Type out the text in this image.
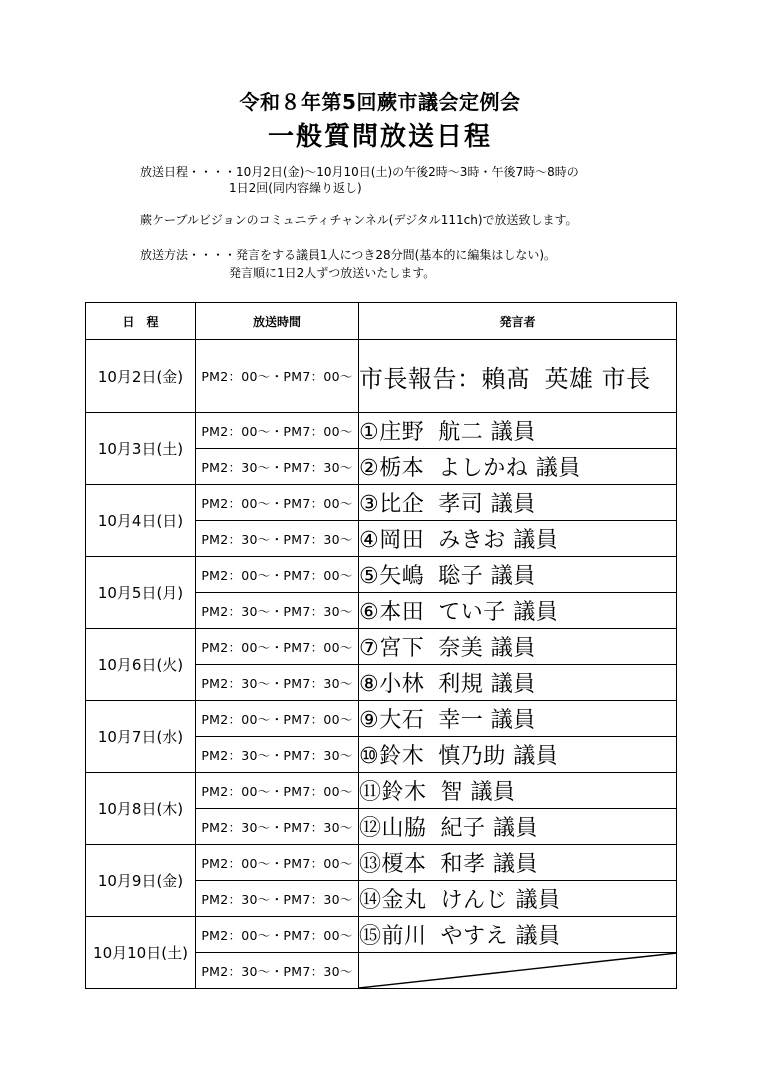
令和８年第5回蕨市議会定例会
一般質問放送日程
放送日程・・・・10月2日(金)～10月10日(土)の午後2時～3時・午後7時～8時の
1日2回(同内容繰り返し)
蕨ケーブルビジョンのコミュニティチャンネル(デジタル111ch)で放送致します。
放送方法・・・・発言をする議員1人につき28分間(基本的に編集はしない)。
発言順に1日2人ずつ放送いたします。
日　程	放送時間	発言者
10月2日(金)	PM2：00～・PM7：00～	市長報告：賴髙 英雄 市長
10月3日(土)	PM2：00～・PM7：00～	①庄野 航二 議員
	PM2：30～・PM7：30～	②栃本 よしかね 議員
10月4日(日)	PM2：00～・PM7：00～	③比企 孝司 議員
	PM2：30～・PM7：30～	④岡田 みきお 議員
10月5日(月)	PM2：00～・PM7：00～	⑤矢嶋 聡子 議員
	PM2：30～・PM7：30～	⑥本田 てい子 議員
10月6日(火)	PM2：00～・PM7：00～	⑦宮下 奈美 議員
	PM2：30～・PM7：30～	⑧小林 利規 議員
10月7日(水)	PM2：00～・PM7：00～	⑨大石 幸一 議員
	PM2：30～・PM7：30～	⑩鈴木 慎乃助 議員
10月8日(木)	PM2：00～・PM7：00～	⑪鈴木 智 議員
	PM2：30～・PM7：30～	⑫山脇 紀子 議員
10月9日(金)	PM2：00～・PM7：00～	⑬榎本 和孝 議員
	PM2：30～・PM7：30～	⑭金丸 けんじ 議員
10月10日(土)	PM2：00～・PM7：00～	⑮前川 やすえ 議員
	PM2：30～・PM7：30～	
